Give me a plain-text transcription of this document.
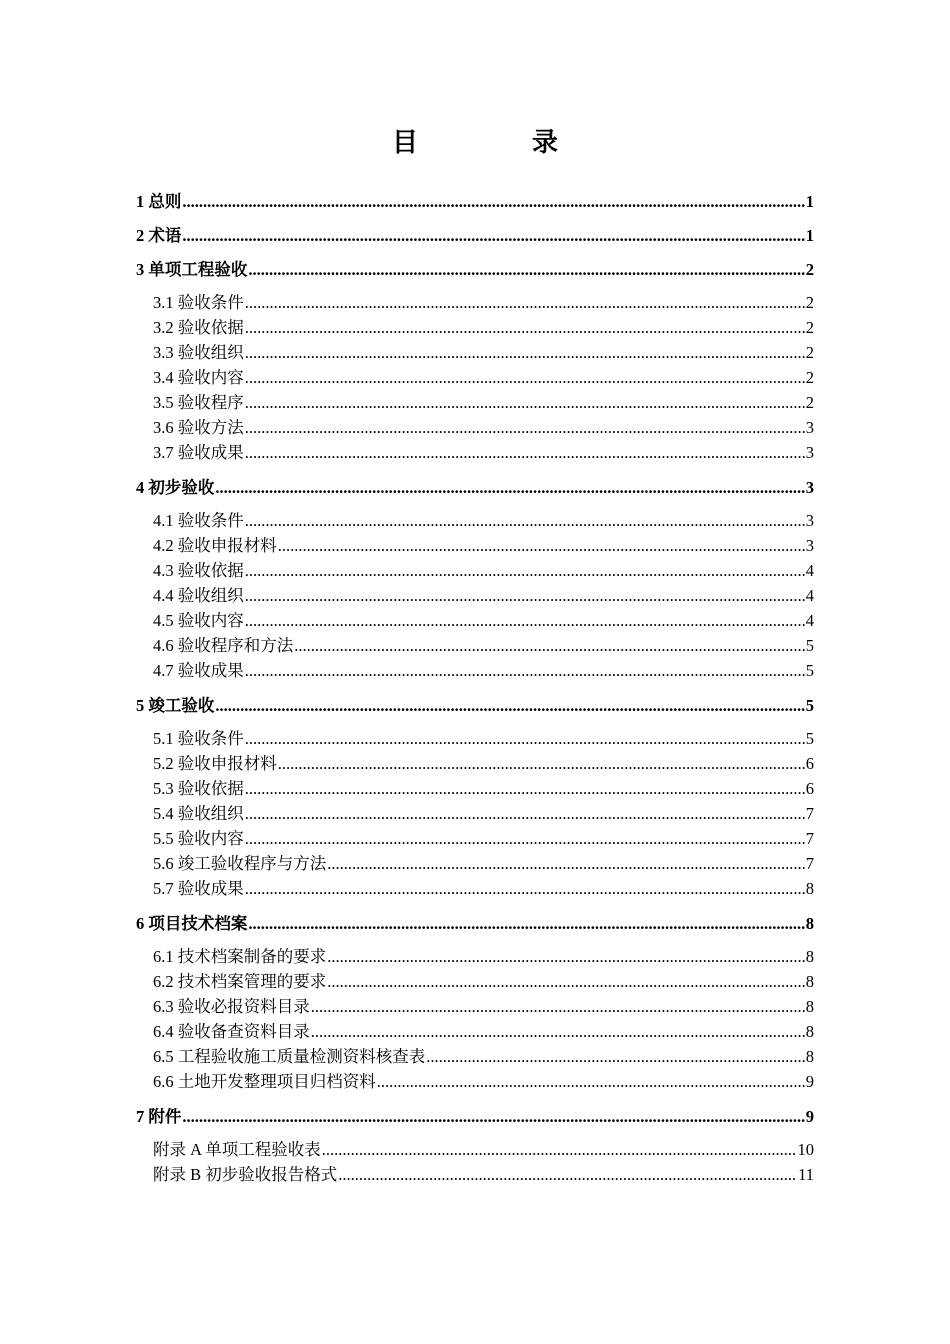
目　录
1 总则 .....	1
2 术语 .....	1
3 单项工程验收 .....	2
3.1 验收条件 .....	2
3.2 验收依据 .....	2
3.3 验收组织 .....	2
3.4 验收内容 .....	2
3.5 验收程序 .....	2
3.6 验收方法 .....	3
3.7 验收成果 .....	3
4 初步验收 .....	3
4.1 验收条件 .....	3
4.2 验收申报材料 .....	3
4.3 验收依据 .....	4
4.4 验收组织 .....	4
4.5 验收内容 .....	4
4.6 验收程序和方法 .....	5
4.7 验收成果 .....	5
5 竣工验收 .....	5
5.1 验收条件 .....	5
5.2 验收申报材料 .....	6
5.3 验收依据 .....	6
5.4 验收组织 .....	7
5.5 验收内容 .....	7
5.6 竣工验收程序与方法 .....	7
5.7 验收成果 .....	8
6 项目技术档案 .....	8
6.1 技术档案制备的要求 .....	8
6.2 技术档案管理的要求 .....	8
6.3 验收必报资料目录 .....	8
6.4 验收备查资料目录 .....	8
6.5 工程验收施工质量检测资料核查表 .....	8
6.6 土地开发整理项目归档资料 .....	9
7 附件 .....	9
附录 A 单项工程验收表 .....	10
附录 B 初步验收报告格式 .....	11
